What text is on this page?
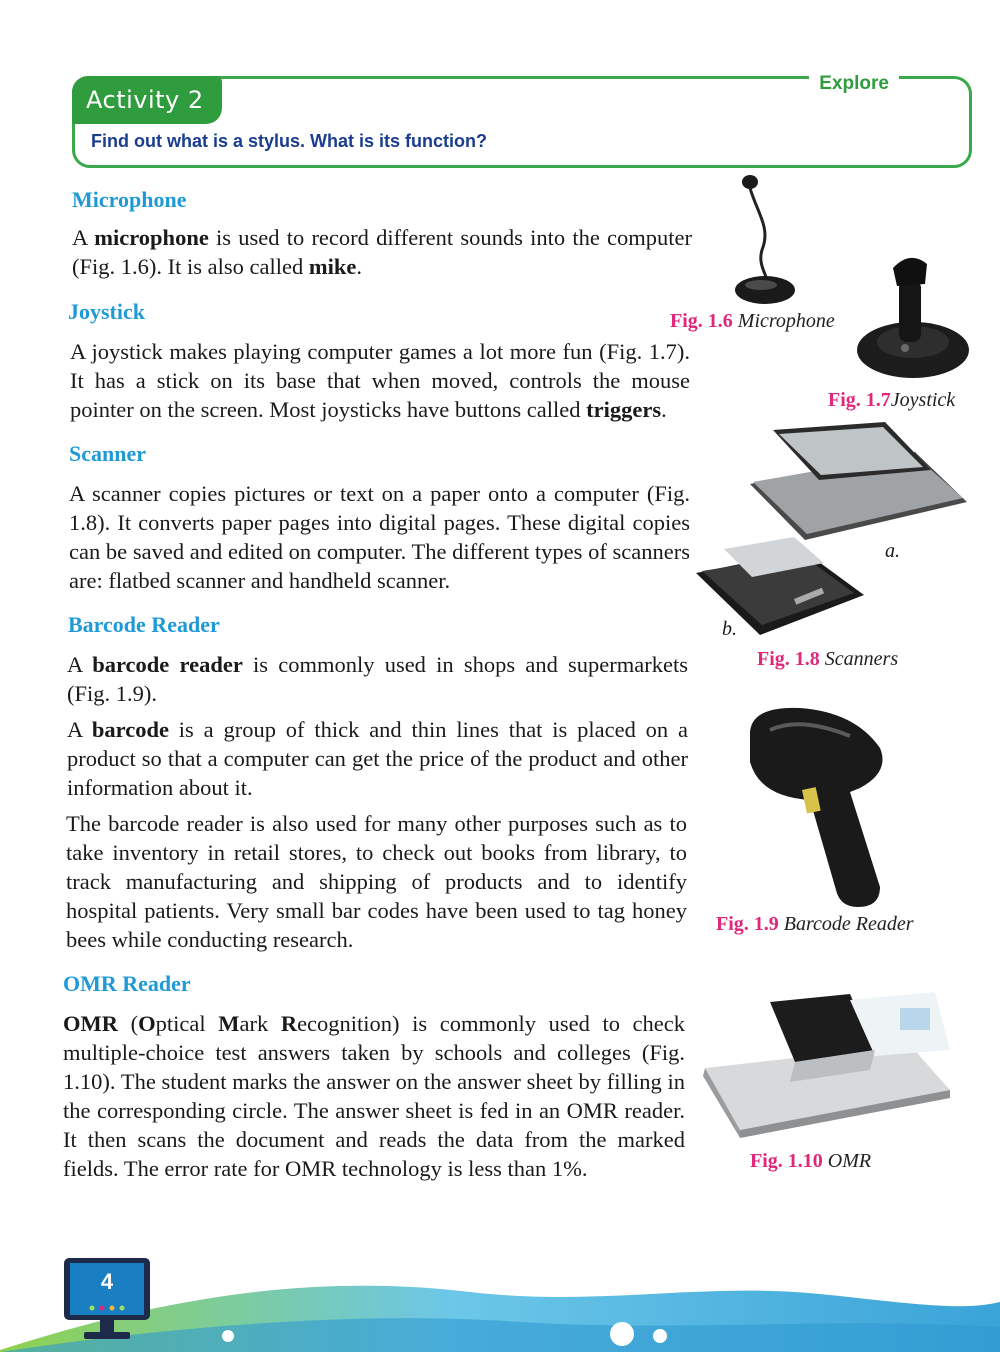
Activity 2
Explore
Find out what is a stylus. What is its function?
Microphone
A microphone is used to record different sounds into the computer (Fig. 1.6). It is also called mike.
Joystick
A joystick makes playing computer games a lot more fun (Fig. 1.7). It has a stick on its base that when moved, controls the mouse pointer on the screen. Most joysticks have buttons called triggers.
Scanner
A scanner copies pictures or text on a paper onto a computer (Fig. 1.8). It converts paper pages into digital pages. These digital copies can be saved and edited on computer. The different types of scanners are: flatbed scanner and handheld scanner.
Barcode Reader
A barcode reader is commonly used in shops and supermarkets (Fig. 1.9).
A barcode is a group of thick and thin lines that is placed on a product so that a computer can get the price of the product and other information about it.
The barcode reader is also used for many other purposes such as to take inventory in retail stores, to check out books from library, to track manufacturing and shipping of products and to identify hospital patients. Very small bar codes have been used to tag honey bees while conducting research.
OMR Reader
OMR (Optical Mark Recognition) is commonly used to check multiple-choice test answers taken by schools and colleges (Fig. 1.10). The student marks the answer on the answer sheet by filling in the corresponding circle. The answer sheet is fed in an OMR reader. It then scans the document and reads the data from the marked fields. The error rate for OMR technology is less than 1%.
Fig. 1.6 Microphone
Fig. 1.7Joystick
a.
b.
Fig. 1.8 Scanners
Fig. 1.9 Barcode Reader
Fig. 1.10 OMR
4
